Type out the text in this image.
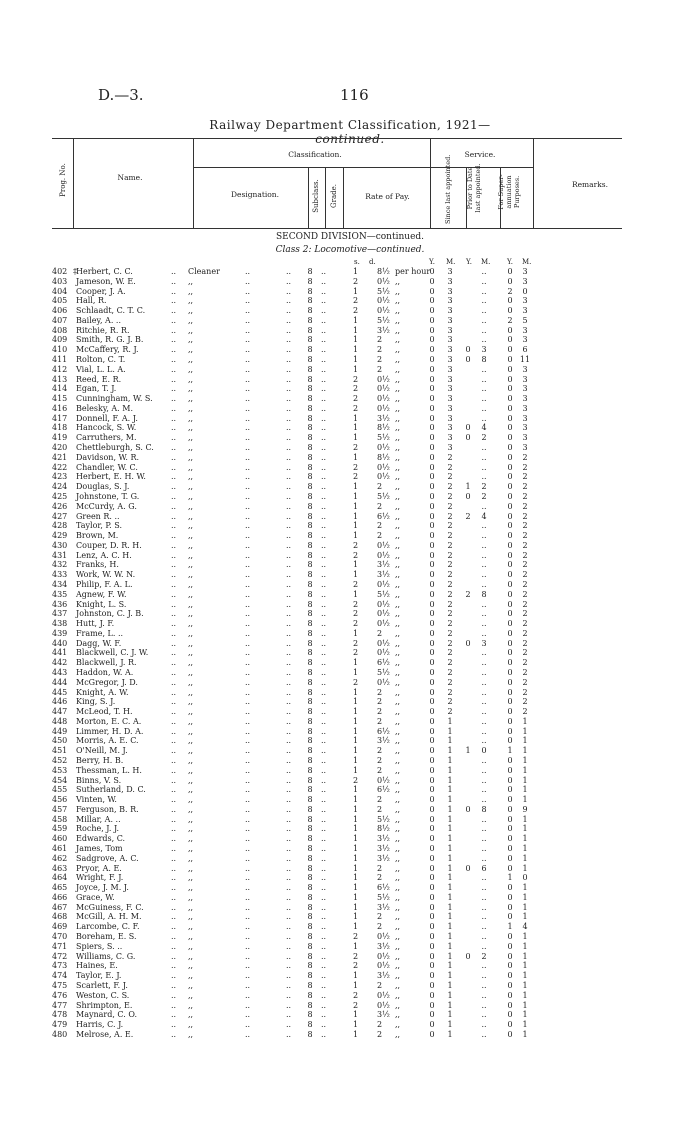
D.—3.	116
Railway Department Classification, 1921—continued.
Prog. No.	Name.
Classification.	Service.
Designation.	Subclass. Grade.	Rate of Pay.	Since last appointed. Prior to Date last appointed. For Super-annuation Purposes.	Remarks.
SECOND DIVISION—continued.
Class 2: Locomotive—continued.
s. d.	Y. M. Y. M. Y. M.
402 ‡ Herbert, C. C.	.. Cleaner	..	.. 8 ..	1 8½ per hour 0	3	..	0	3
403 Jameson, W. E.	.. ,,	..	.. 8 ..	2 0½ ,,	0	3	..	0	3
404 Cooper, J. A.	.. ,,	..	.. 8 ..	1 5½ ,,	0	3	..	2	0
405 Hall, R.	.. ,,	..	.. 8 ..	2 0½ ,,	0	3	..	0	3
406 Schlaadt, C. T. C.	.. ,,	..	.. 8 ..	2 0½ ,,	0	3	..	0	3
407 Bailey, A. ..	.. ,,	..	.. 8 ..	1 5½ ,,	0	3	..	2	5
408 Ritchie, R. R.	.. ,,	..	.. 8 ..	1 3½ ,,	0	3	..	0	3
409 Smith, R. G. J. B.	.. ,,	..	.. 8 ..	1 2 ,,	0	3	..	0	3
410 McCaffery, R. J.	.. ,,	..	.. 8 ..	1 2 ,,	0	3	0	3	0	6
411 Rolton, C. T.	.. ,,	..	.. 8 ..	1 2 ,,	0	3	0	8	0 11
412 Vial, L. L. A.	.. ,,	..	.. 8 ..	1 2 ,,	0	3	..	0	3
413 Reed, E. R.	.. ,,	..	.. 8 ..	2 0½ ,,	0	3	..	0	3
414 Egan, T. J.	.. ,,	..	.. 8 ..	2 0½ ,,	0	3	..	0	3
415 Cunningham, W. S. .. ,,	..	.. 8 ..	2 0½ ,,	0	3	..	0	3
416 Belesky, A. M.	.. ,,	..	.. 8 ..	2 0½ ,,	0	3	..	0	3
417 Donnell, F. A. J.	.. ,,	..	.. 8 ..	1 3½ ,,	0	3	..	0	3
418 Hancock, S. W.	.. ,,	..	.. 8 ..	1 8½ ,,	0	3	0	4	0	3
419 Carruthers, M.	.. ,,	..	.. 8 ..	1 5½ ,,	0	3	0	2	0	3
420 Chettleburgh, S. C. .. ,,	..	.. 8 ..	2 0½ ,,	0	3	..	0	3
421 Davidson, W. R.	.. ,,	..	.. 8 ..	1 8½ ,,	0	2	..	0	2
422 Chandler, W. C.	.. ,,	..	.. 8 ..	2 0½ ,,	0	2	..	0	2
423 Herbert, E. H. W.	.. ,,	..	.. 8 ..	2 0½ ,,	0	2	..	0	2
424 Douglas, S. J.	.. ,,	..	.. 8 ..	1 2 ,,	0	2	1	2	0	2
425 Johnstone, T. G.	.. ,,	..	.. 8 ..	1 5½ ,,	0	2	0	2	0	2
426 McCurdy, A. G.	.. ,,	..	.. 8 ..	1 2 ,,	0	2	..	0	2
427 Green R. ..	.. ,,	..	.. 8 ..	1 6½ ,,	0	2	2	4	0	2
428 Taylor, P. S.	.. ,,	..	.. 8 ..	1 2 ,,	0	2	..	0	2
429 Brown, M.	.. ,,	..	.. 8 ..	1 2 ,,	0	2	..	0	2
430 Couper, D. R. H.	.. ,,	..	.. 8 ..	2 0½ ,,	0	2	..	0	2
431 Lenz, A. C. H.	.. ,,	..	.. 8 ..	2 0½ ,,	0	2	..	0	2
432 Franks, H.	.. ,,	..	.. 8 ..	1 3½ ,,	0	2	..	0	2
433 Work, W. W. N.	.. ,,	..	.. 8 ..	1 3½ ,,	0	2	..	0	2
434 Philip, F. A. L.	.. ,,	..	.. 8 ..	2 0½ ,,	0	2	..	0	2
435 Agnew, F. W.	.. ,,	..	.. 8 ..	1 5½ ,,	0	2	2	8	0	2
436 Knight, L. S.	.. ,,	..	.. 8 ..	2 0½ ,,	0	2	..	0	2
437 Johnston, C. J. B.	.. ,,	..	.. 8 ..	2 0½ ,,	0	2	..	0	2
438 Hutt, J. F.	.. ,,	..	.. 8 ..	2 0½ ,,	0	2	..	0	2
439 Frame, L. ..	.. ,,	..	.. 8 ..	1 2 ,,	0	2	..	0	2
440 Dagg, W. F.	.. ,,	..	.. 8 ..	2 0½ ,,	0	2	0	3	0	2
441 Blackwell, C. J. W.	.. ,,	..	.. 8 ..	2 0½ ,,	0	2	..	0	2
442 Blackwell, J. R.	.. ,,	..	.. 8 ..	1 6½ ,,	0	2	..	0	2
443 Haddon, W. A.	.. ,,	..	.. 8 ..	1 5½ ,,	0	2	..	0	2
444 McGregor, J. D.	.. ,,	..	.. 8 ..	2 0½ ,,	0	2	..	0	2
445 Knight, A. W.	.. ,,	..	.. 8 ..	1 2 ,,	0	2	..	0	2
446 King, S. J.	.. ,,	..	.. 8 ..	1 2 ,,	0	2	..	0	2
447 McLeod, T. H.	.. ,,	..	.. 8 ..	1 2 ,,	0	2	..	0	2
448 Morton, E. C. A.	.. ,,	..	.. 8 ..	1 2 ,,	0	1	..	0	1
449 Limmer, H. D. A.	.. ,,	..	.. 8 ..	1 6½ ,,	0	1	..	0	1
450 Morris, A. E. C.	.. ,,	..	.. 8 ..	1 3½ ,,	0	1	..	0	1
451 O'Neill, M. J.	.. ,,	..	.. 8 ..	1 2 ,,	0	1	1	0	1	1
452 Berry, H. B.	.. ,,	..	.. 8 ..	1 2 ,,	0	1	..	0	1
453 Thessman, L. H.	.. ,,	..	.. 8 ..	1 2 ,,	0	1	..	0	1
454 Binns, V. S.	.. ,,	..	.. 8 ..	2 0½ ,,	0	1	..	0	1
455 Sutherland, D. C.	.. ,,	..	.. 8 ..	1 6½ ,,	0	1	..	0	1
456 Vinten, W.	.. ,,	..	.. 8 ..	1 2 ,,	0	1	..	0	1
457 Ferguson, B. R.	.. ,,	..	.. 8 ..	1 2 ,,	0	1	0	8	0	9
458 Millar, A. ..	.. ,,	..	.. 8 ..	1 5½ ,,	0	1	..	0	1
459 Roche, J. J.	.. ,,	..	.. 8 ..	1 8½ ,,	0	1	..	0	1
460 Edwards, C.	.. ,,	..	.. 8 ..	1 3½ ,,	0	1	..	0	1
461 James, Tom	.. ,,	..	.. 8 ..	1 3½ ,,	0	1	..	0	1
462 Sadgrove, A. C.	.. ,,	..	.. 8 ..	1 3½ ,,	0	1	..	0	1
463 Pryor, A. E.	.. ,,	..	.. 8 ..	1 2 ,,	0	1	0	6	0	1
464 Wright, F. J.	.. ,,	..	.. 8 ..	1 2 ,,	0	1	..	1	0
465 Joyce, J. M. J.	.. ,,	..	.. 8 ..	1 6½ ,,	0	1	..	0	1
466 Grace, W.	.. ,,	..	.. 8 ..	1 5½ ,,	0	1	..	0	1
467 McGuiness, F. C.	.. ,,	..	.. 8 ..	1 3½ ,,	0	1	..	0	1
468 McGill, A. H. M.	.. ,,	..	.. 8 ..	1 2 ,,	0	1	..	0	1
469 Larcombe, C. F.	.. ,,	..	.. 8 ..	1 2 ,,	0	1	..	1	4
470 Boreham, E. S.	.. ,,	..	.. 8 ..	2 0½ ,,	0	1	..	0	1
471 Spiers, S. ..	.. ,,	..	.. 8 ..	1 3½ ,,	0	1	..	0	1
472 Williams, C. G.	.. ,,	..	.. 8 ..	2 0½ ,,	0	1	0	2	0	1
473 Haines, E.	.. ,,	..	.. 8 ..	2 0½ ,,	0	1	..	0	1
474 Taylor, E. J.	.. ,,	..	.. 8 ..	1 3½ ,,	0	1	..	0	1
475 Scarlett, F. J.	.. ,,	..	.. 8 ..	1 2 ,,	0	1	..	0	1
476 Weston, C. S.	.. ,,	..	.. 8 ..	2 0½ ,,	0	1	..	0	1
477 Shrimpton, E.	.. ,,	..	.. 8 ..	2 0½ ,,	0	1	..	0	1
478 Maynard, C. O.	.. ,,	..	.. 8 ..	1 3½ ,,	0	1	..	0	1
479 Harris, C. J.	.. ,,	..	.. 8 ..	1 2 ,,	0	1	..	0	1
480 Melrose, A. E.	.. ,,	..	.. 8 ..	1 2 ,,	0	1	..	0	1
